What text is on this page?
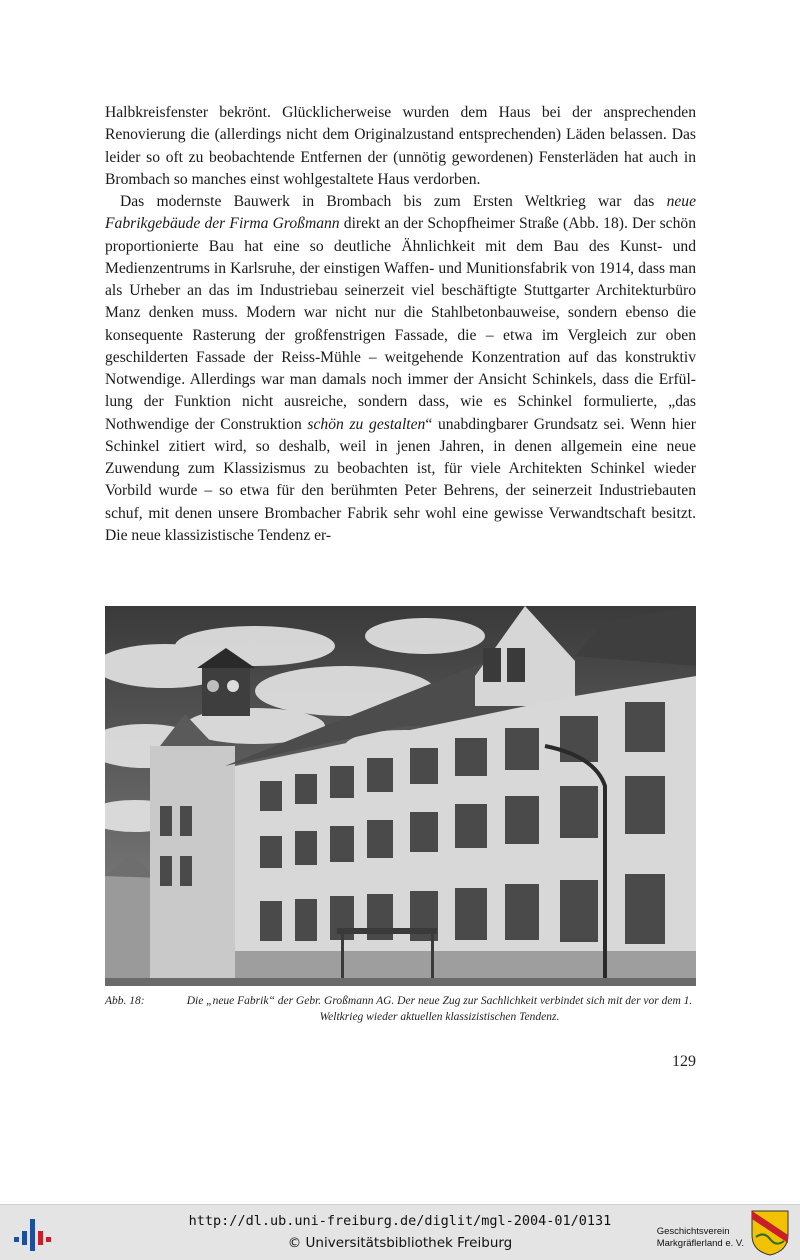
Halbkreisfenster bekrönt. Glücklicherweise wurden dem Haus bei der ansprechenden Renovierung die (allerdings nicht dem Originalzustand entsprechenden) Läden belassen. Das leider so oft zu beobachtende Entfernen der (unnötig gewordenen) Fensterläden hat auch in Brombach so manches einst wohlgestaltete Haus verdorben.

Das modernste Bauwerk in Brombach bis zum Ersten Weltkrieg war das neue Fabrikgebäude der Firma Großmann direkt an der Schopfheimer Straße (Abb. 18). Der schön proportionierte Bau hat eine so deutliche Ähnlichkeit mit dem Bau des Kunst- und Medienzentrums in Karlsruhe, der einstigen Waffen- und Munitionsfabrik von 1914, dass man als Urheber an das im Industriebau seinerzeit viel beschäftigte Stuttgarter Architekturbüro Manz denken muss. Modern war nicht nur die Stahlbetonbauweise, sondern ebenso die konsequente Rasterung der großfenstrigen Fassade, die – etwa im Vergleich zur oben geschilderten Fassade der Reiss-Mühle – weitgehende Konzentration auf das konstruktiv Notwendige. Allerdings war man damals noch immer der Ansicht Schinkels, dass die Erfüllung der Funktion nicht ausreiche, sondern dass, wie es Schinkel formulierte, „das Nothwendige der Construktion schön zu gestalten“ unabdingbarer Grundsatz sei. Wenn hier Schinkel zitiert wird, so deshalb, weil in jenen Jahren, in denen allgemein eine neue Zuwendung zum Klassizismus zu beobachten ist, für viele Architekten Schinkel wieder Vorbild wurde – so etwa für den berühmten Peter Behrens, der seinerzeit Industriebauten schuf, mit denen unsere Brombacher Fabrik sehr wohl eine gewisse Verwandtschaft besitzt. Die neue klassizistische Tendenz er-

Abb. 18:	Die „neue Fabrik“ der Gebr. Großmann AG. Der neue Zug zur Sachlichkeit verbindet sich mit der vor dem 1. Weltkrieg wieder aktuellen klassizistischen Tendenz.
129
http://dl.ub.uni-freiburg.de/diglit/mgl-2004-01/0131
© Universitätsbibliothek Freiburg
Geschichtsverein
Markgräflerland e. V.
